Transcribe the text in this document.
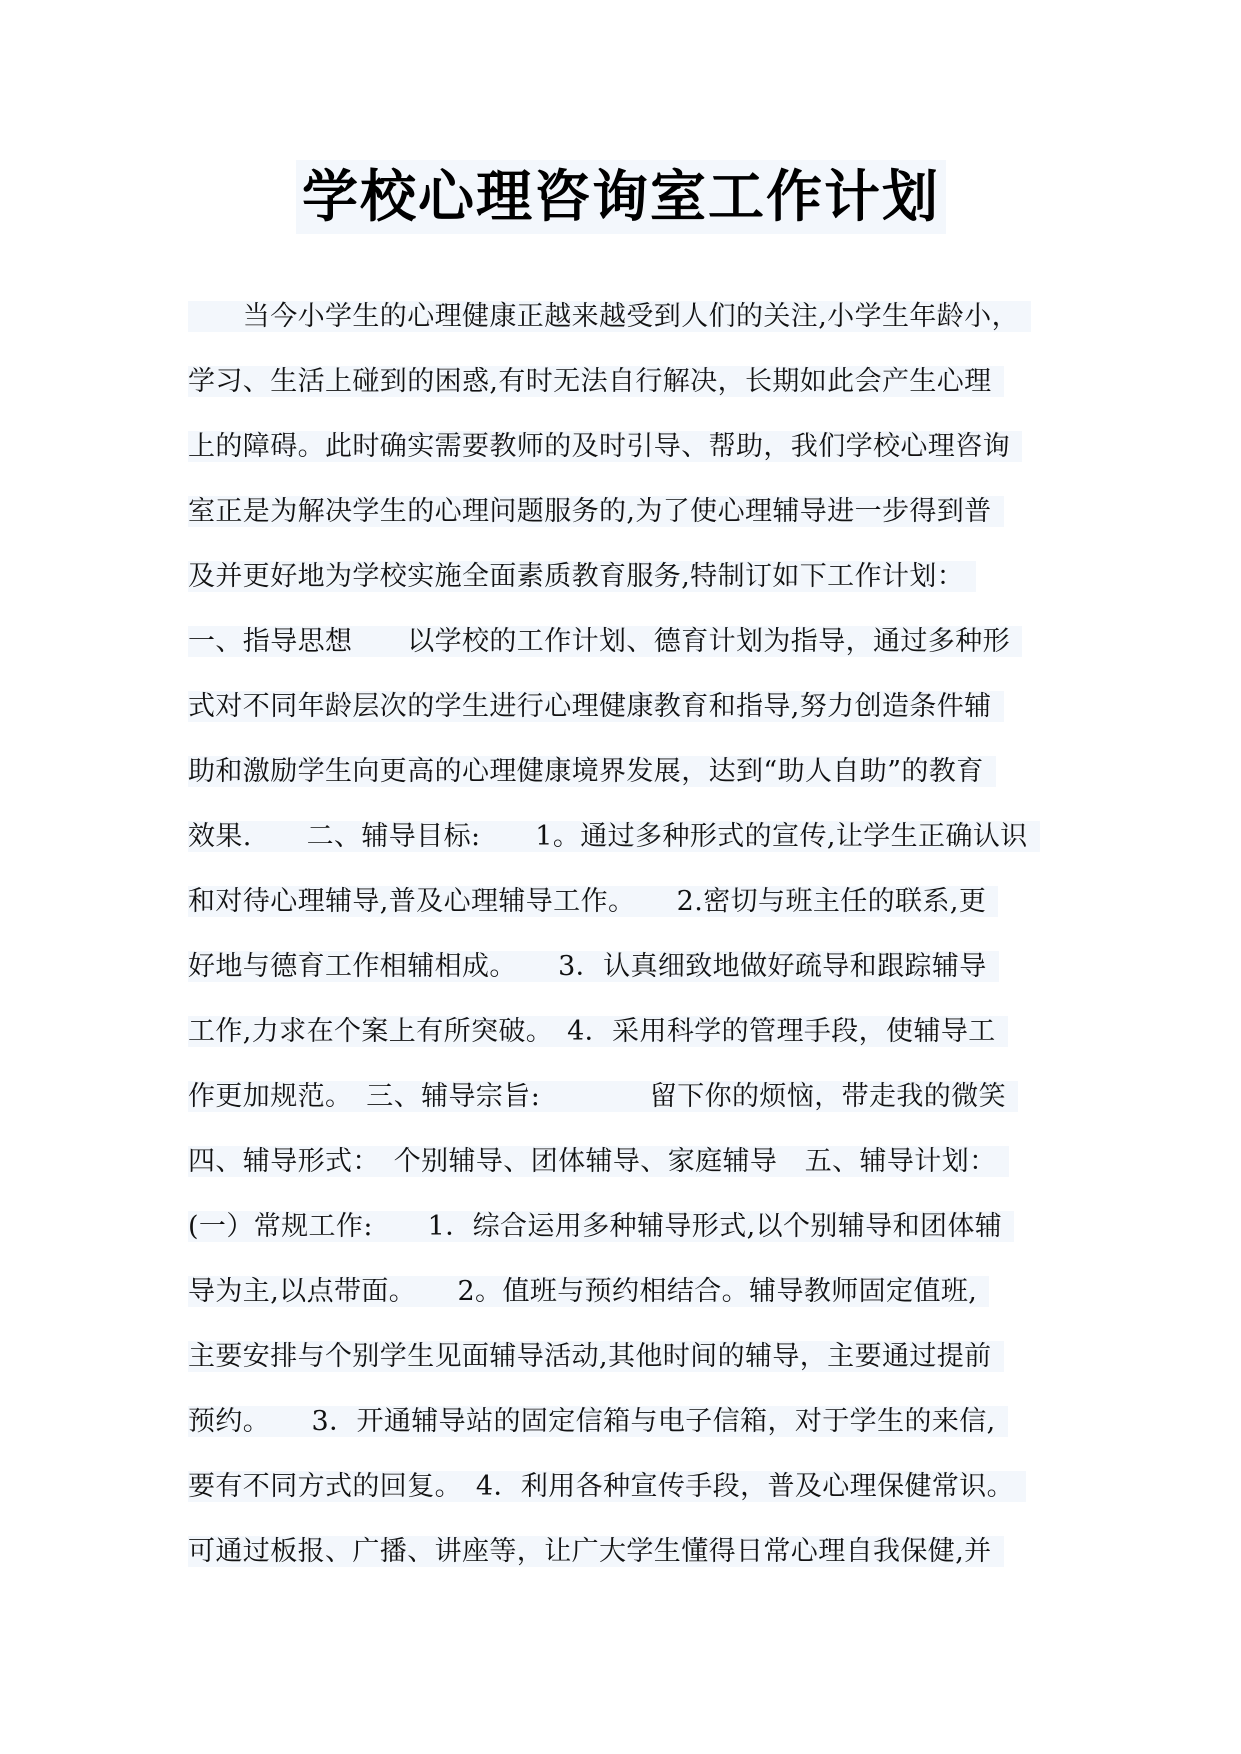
学校心理咨询室工作计划
　　当今小学生的心理健康正越来越受到人们的关注,小学生年龄小，
学习、生活上碰到的困惑,有时无法自行解决，长期如此会产生心理
上的障碍。此时确实需要教师的及时引导、帮助，我们学校心理咨询
室正是为解决学生的心理问题服务的,为了使心理辅导进一步得到普
及并更好地为学校实施全面素质教育服务,特制订如下工作计划：
一、指导思想　　以学校的工作计划、德育计划为指导，通过多种形
式对不同年龄层次的学生进行心理健康教育和指导,努力创造条件辅
助和激励学生向更高的心理健康境界发展，达到“助人自助”的教育
效果.　　二、辅导目标:　　1。通过多种形式的宣传,让学生正确认识
和对待心理辅导,普及心理辅导工作。　　2.密切与班主任的联系,更
好地与德育工作相辅相成。　　3．认真细致地做好疏导和跟踪辅导
工作,力求在个案上有所突破。　4．采用科学的管理手段，使辅导工
作更加规范。　三、辅导宗旨:　　　　留下你的烦恼，带走我的微笑
四、辅导形式：　个别辅导、团体辅导、家庭辅导　五、辅导计划：
(一）常规工作:　　1．综合运用多种辅导形式,以个别辅导和团体辅
导为主,以点带面。　　2。值班与预约相结合。辅导教师固定值班,
主要安排与个别学生见面辅导活动,其他时间的辅导，主要通过提前
预约。　　3．开通辅导站的固定信箱与电子信箱，对于学生的来信,
要有不同方式的回复。　4．利用各种宣传手段，普及心理保健常识。
可通过板报、广播、讲座等，让广大学生懂得日常心理自我保健,并
